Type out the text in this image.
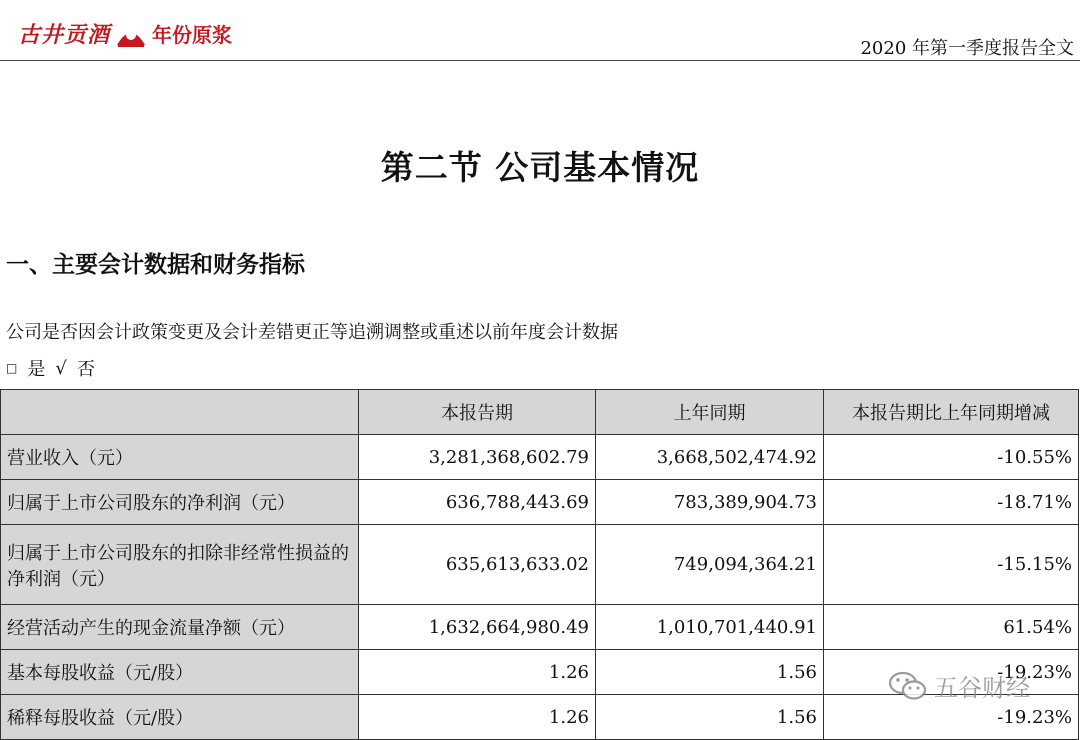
古井贡酒 年份原浆
2020 年第一季度报告全文
第二节 公司基本情况
一、主要会计数据和财务指标
公司是否因会计政策变更及会计差错更正等追溯调整或重述以前年度会计数据
□ 是 √ 否
	本报告期	上年同期	本报告期比上年同期增减
营业收入（元）	3,281,368,602.79	3,668,502,474.92	-10.55%
归属于上市公司股东的净利润（元）	636,788,443.69	783,389,904.73	-18.71%
归属于上市公司股东的扣除非经常性损益的净利润（元）	635,613,633.02	749,094,364.21	-15.15%
经营活动产生的现金流量净额（元）	1,632,664,980.49	1,010,701,440.91	61.54%
基本每股收益（元/股）	1.26	1.56	-19.23%
稀释每股收益（元/股）	1.26	1.56	-19.23%
五谷财经
